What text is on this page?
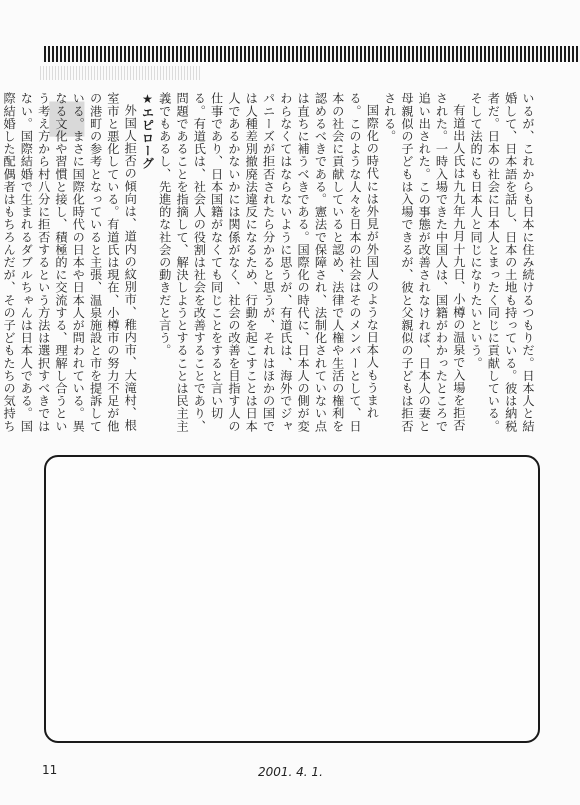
■	いるが、これからも日本に住み続けるつもりだ。日本人と結婚して、日本語を話し、日本の土地も持っている。彼は納税者だ。日本の社会に日本人とまったく同じに貢献している。そして法的にも日本人と同じになりたいという。

有道出人氏は九九年九月十九日、小樽の温泉で入場を拒否された。一時入場できた中国人は、国籍がわかったところで追い出された。この事態が改善されなければ、日本人の妻と母親似の子どもは入場できるが、彼と父親似の子どもは拒否される。

国際化の時代には外見が外国人のような日本人もうまれる。このような人々を日本の社会はそのメンバーとして、日本の社会に貢献していると認め、法律で人権や生活の権利を認めるべきである。憲法で保障され、法制化されていない点は直ちに補うべきである。国際化の時代に、日本人の側が変わらなくてはならないように思うが、有道氏は、海外でジャパニーズが拒否されたら分かると思うが、それはほかの国では人種差別撤廃法違反になるため、行動を起こすことは日本人であるかないかには関係がなく、社会の改善を目指す人の仕事であり、日本国籍がなくても同じことをすると言い切る。有道氏は、社会人の役割は社会を改善することであり、問題であることを指摘して、解決しようとすることは民主主義でもあるし、先進的な社会の動きだと言う。

★エピローグ

外国人拒否の傾向は、道内の紋別市、稚内市、大滝村、根室市と悪化している。有道氏は現在、小樽市の努力不足が他の港町の参考となっていると主張、温泉施設と市を提訴している。まさに国際化時代の日本や日本人が問われている。異なる文化や習慣と接し、積極的に交流する、理解し合うという考え方から村八分に拒否するという方法は選択すべきではない。国際結婚で生まれるダブルちゃんは日本人である。国際結婚した配偶者はもちろんだが、その子どもたちの気持ち

11	2001. 4. 1.
